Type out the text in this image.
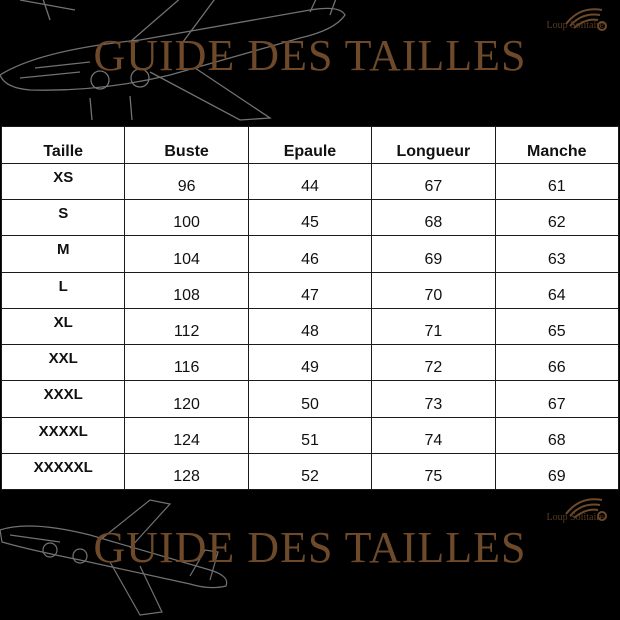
GUIDE DES TAILLES
Loup Solitaire
Taille	Buste	Epaule	Longueur	Manche
XS	96	44	67	61
S	100	45	68	62
M	104	46	69	63
L	108	47	70	64
XL	112	48	71	65
XXL	116	49	72	66
XXXL	120	50	73	67
XXXXL	124	51	74	68
XXXXXL	128	52	75	69
GUIDE DES TAILLES
Loup Solitaire
